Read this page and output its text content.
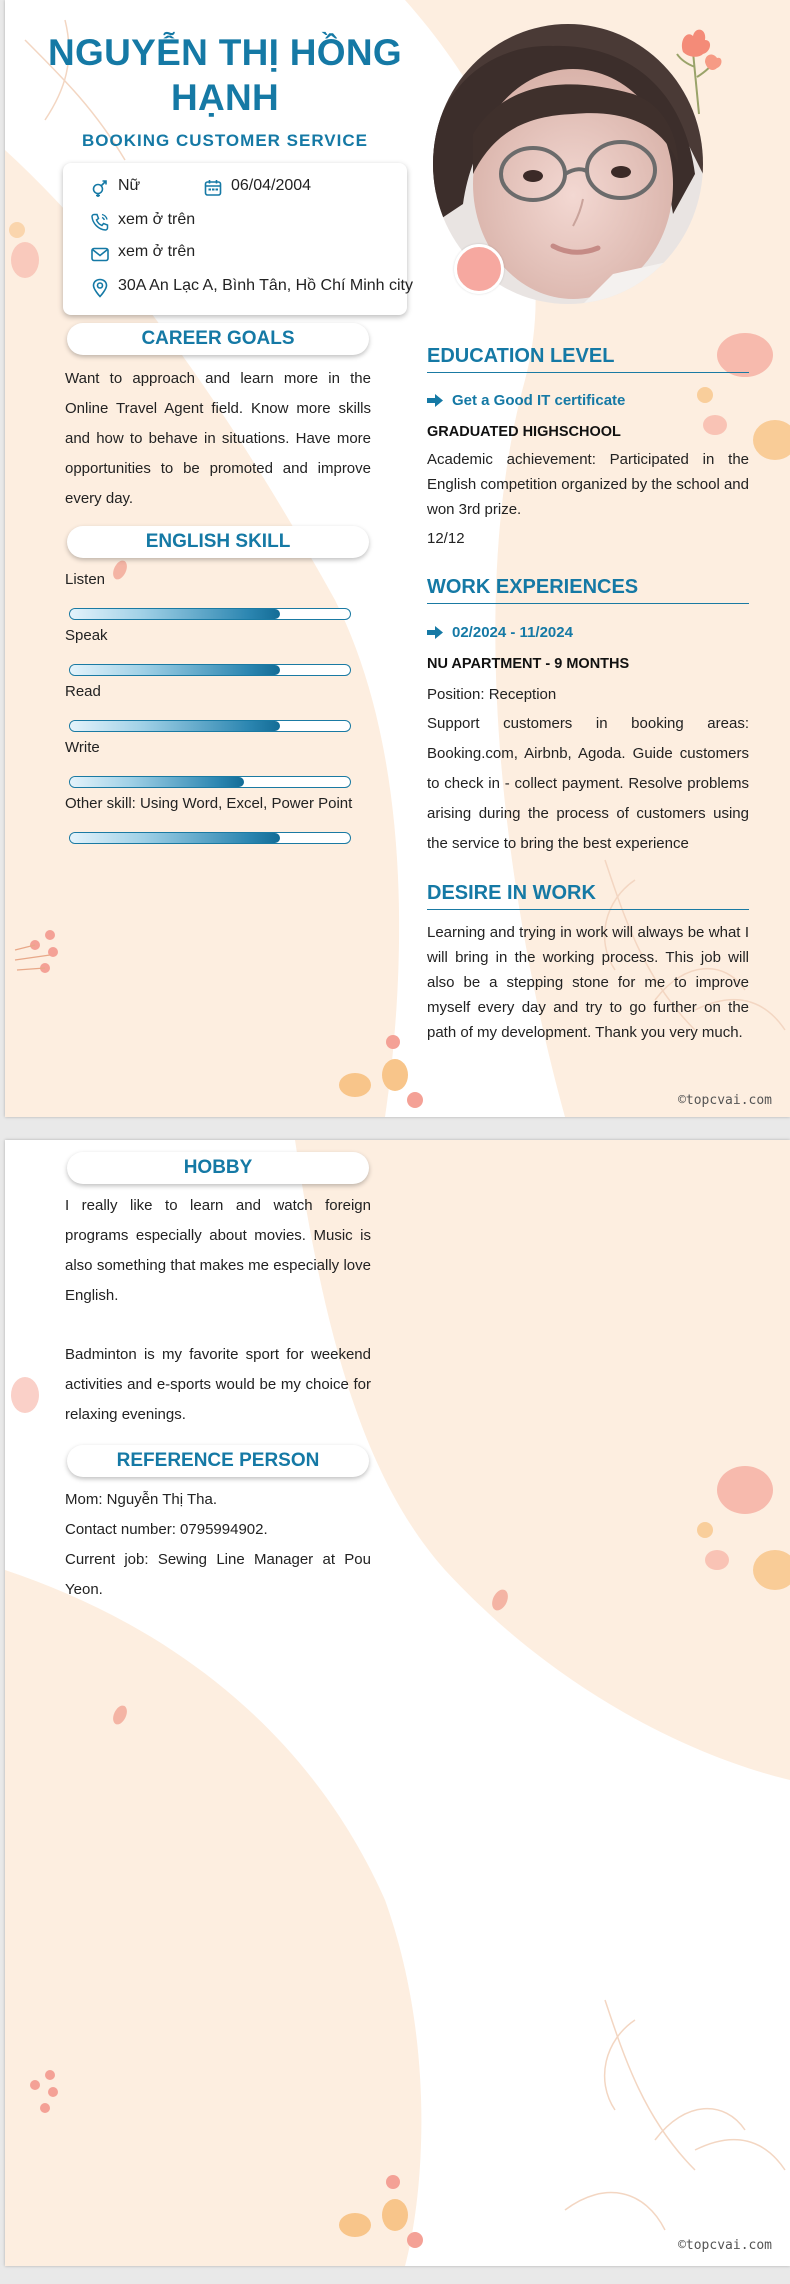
NGUYỄN THỊ HỒNG HẠNH
BOOKING CUSTOMER SERVICE
Nữ	06/04/2004
xem ở trên
xem ở trên
30A An Lạc A, Bình Tân, Hồ Chí Minh city
CAREER GOALS
Want to approach and learn more in the Online Travel Agent field. Know more skills and how to behave in situations. Have more opportunities to be promoted and improve every day.
ENGLISH SKILL
Listen
Speak
Read
Write
Other skill: Using Word, Excel, Power Point
EDUCATION LEVEL
Get a Good IT certificate
GRADUATED HIGHSCHOOL
Academic achievement: Participated in the English competition organized by the school and won 3rd prize.
12/12
WORK EXPERIENCES
02/2024 - 11/2024
NU APARTMENT - 9 MONTHS
Position: Reception
Support customers in booking areas: Booking.com, Airbnb, Agoda. Guide customers to check in - collect payment. Resolve problems arising during the process of customers using the service to bring the best experience
DESIRE IN WORK
Learning and trying in work will always be what I will bring in the working process. This job will also be a stepping stone for me to improve myself every day and try to go further on the path of my development. Thank you very much.
©topcvai.com
HOBBY
I really like to learn and watch foreign programs especially about movies. Music is also something that makes me especially love English.
Badminton is my favorite sport for weekend activities and e-sports would be my choice for relaxing evenings.
REFERENCE PERSON
Mom: Nguyễn Thị Tha.
Contact number: 0795994902.
Current job: Sewing Line Manager at Pou Yeon.
©topcvai.com
